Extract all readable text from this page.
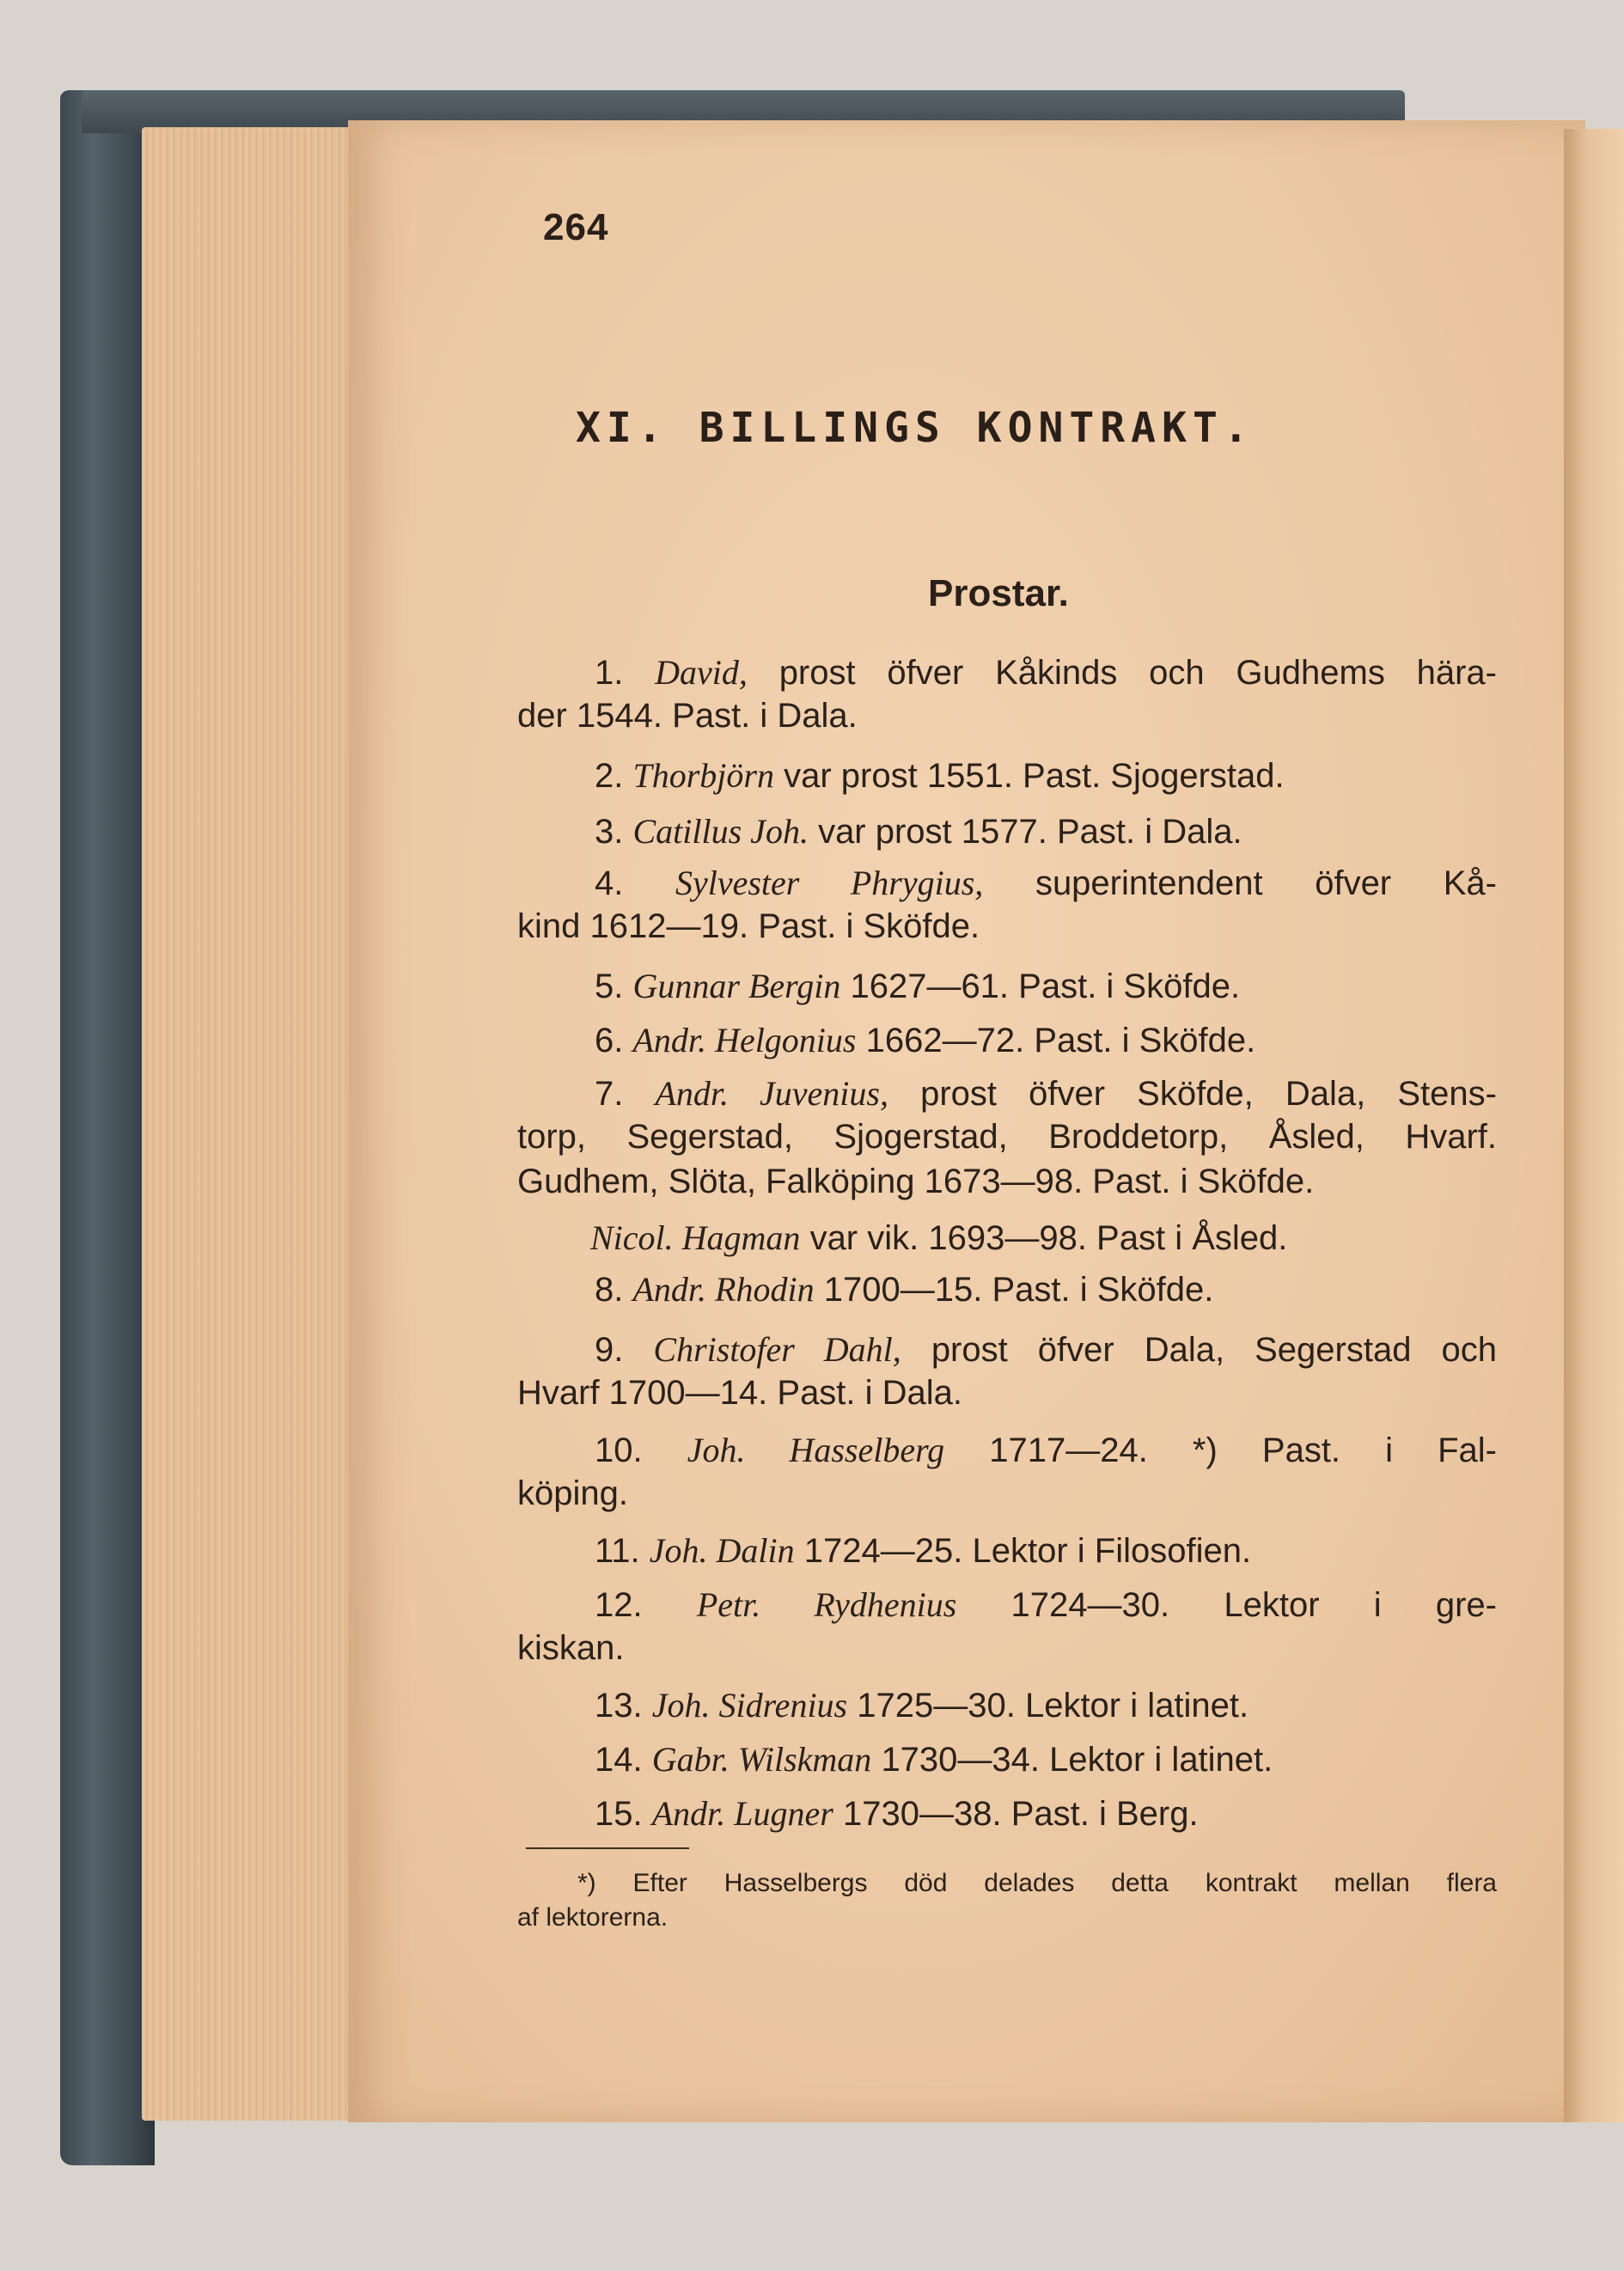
264
XI. BILLINGS KONTRAKT.
Prostar.
1. David, prost öfver Kåkinds och Gudhems hära-
der 1544. Past. i Dala.
2. Thorbjörn var prost 1551. Past. Sjogerstad.
3. Catillus Joh. var prost 1577. Past. i Dala.
4. Sylvester Phrygius, superintendent öfver Kå-
kind 1612—19. Past. i Sköfde.
5. Gunnar Bergin 1627—61. Past. i Sköfde.
6. Andr. Helgonius 1662—72. Past. i Sköfde.
7. Andr. Juvenius, prost öfver Sköfde, Dala, Stens-
torp, Segerstad, Sjogerstad, Broddetorp, Åsled, Hvarf.
Gudhem, Slöta, Falköping 1673—98. Past. i Sköfde.
Nicol. Hagman var vik. 1693—98. Past i Åsled.
8. Andr. Rhodin 1700—15. Past. i Sköfde.
9. Christofer Dahl, prost öfver Dala, Segerstad och
Hvarf 1700—14. Past. i Dala.
10. Joh. Hasselberg 1717—24. *) Past. i Fal-
köping.
11. Joh. Dalin 1724—25. Lektor i Filosofien.
12. Petr. Rydhenius 1724—30. Lektor i gre-
kiskan.
13. Joh. Sidrenius 1725—30. Lektor i latinet.
14. Gabr. Wilskman 1730—34. Lektor i latinet.
15. Andr. Lugner 1730—38. Past. i Berg.
*) Efter Hasselbergs död delades detta kontrakt mellan flera
af lektorerna.
